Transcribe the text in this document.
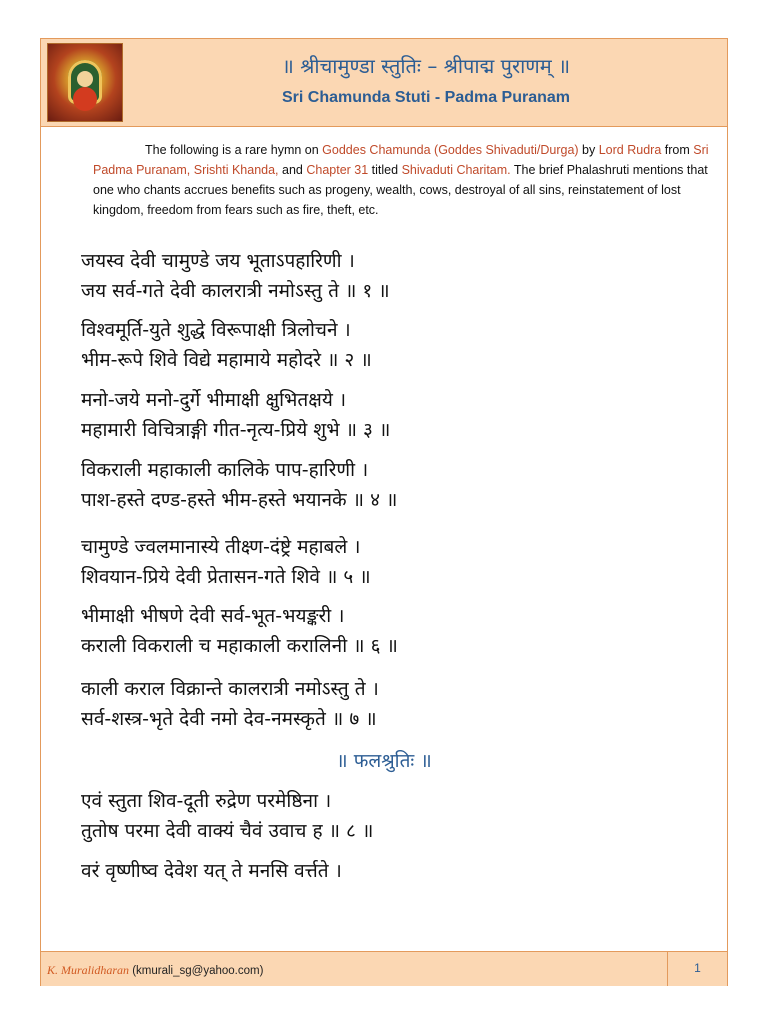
॥ श्रीचामुण्डा स्तुतिः – श्रीपाद्म पुराणम् ॥
Sri Chamunda Stuti - Padma Puranam
The following is a rare hymn on Goddes Chamunda (Goddes Shivaduti/Durga) by Lord Rudra from Sri Padma Puranam, Srishti Khanda, and Chapter 31 titled Shivaduti Charitam. The brief Phalashruti mentions that one who chants accrues benefits such as progeny, wealth, cows, destroyal of all sins, reinstatement of lost kingdom, freedom from fears such as fire, theft, etc.
जयस्व देवी चामुण्डे जय भूताऽपहारिणी ।
जय सर्व-गते देवी कालरात्री नमोऽस्तु ते ॥ १ ॥
विश्वमूर्ति-युते शुद्धे विरूपाक्षी त्रिलोचने ।
भीम-रूपे शिवे विद्ये महामाये महोदरे ॥ २ ॥
मनो-जये मनो-दुर्गे भीमाक्षी क्षुभितक्षये ।
महामारी विचित्राङ्गी गीत-नृत्य-प्रिये शुभे ॥ ३ ॥
विकराली महाकाली कालिके पाप-हारिणी ।
पाश-हस्ते दण्ड-हस्ते भीम-हस्ते भयानके ॥ ४ ॥
चामुण्डे ज्वलमानास्ये तीक्ष्ण-दंष्ट्रे महाबले ।
शिवयान-प्रिये देवी प्रेतासन-गते शिवे ॥ ५ ॥
भीमाक्षी भीषणे देवी सर्व-भूत-भयङ्करी ।
कराली विकराली च महाकाली करालिनी ॥ ६ ॥
काली कराल विक्रान्ते कालरात्री नमोऽस्तु ते ।
सर्व-शस्त्र-भृते देवी नमो देव-नमस्कृते ॥ ७ ॥
॥ फलश्रुतिः ॥
एवं स्तुता शिव-दूती रुद्रेण परमेष्ठिना ।
तुतोष परमा देवी वाक्यं चैवं उवाच ह ॥ ८ ॥
वरं वृष्णीष्व देवेश यत् ते मनसि वर्त्तते ।
K. Muralidharan (kmurali_sg@yahoo.com)	1
